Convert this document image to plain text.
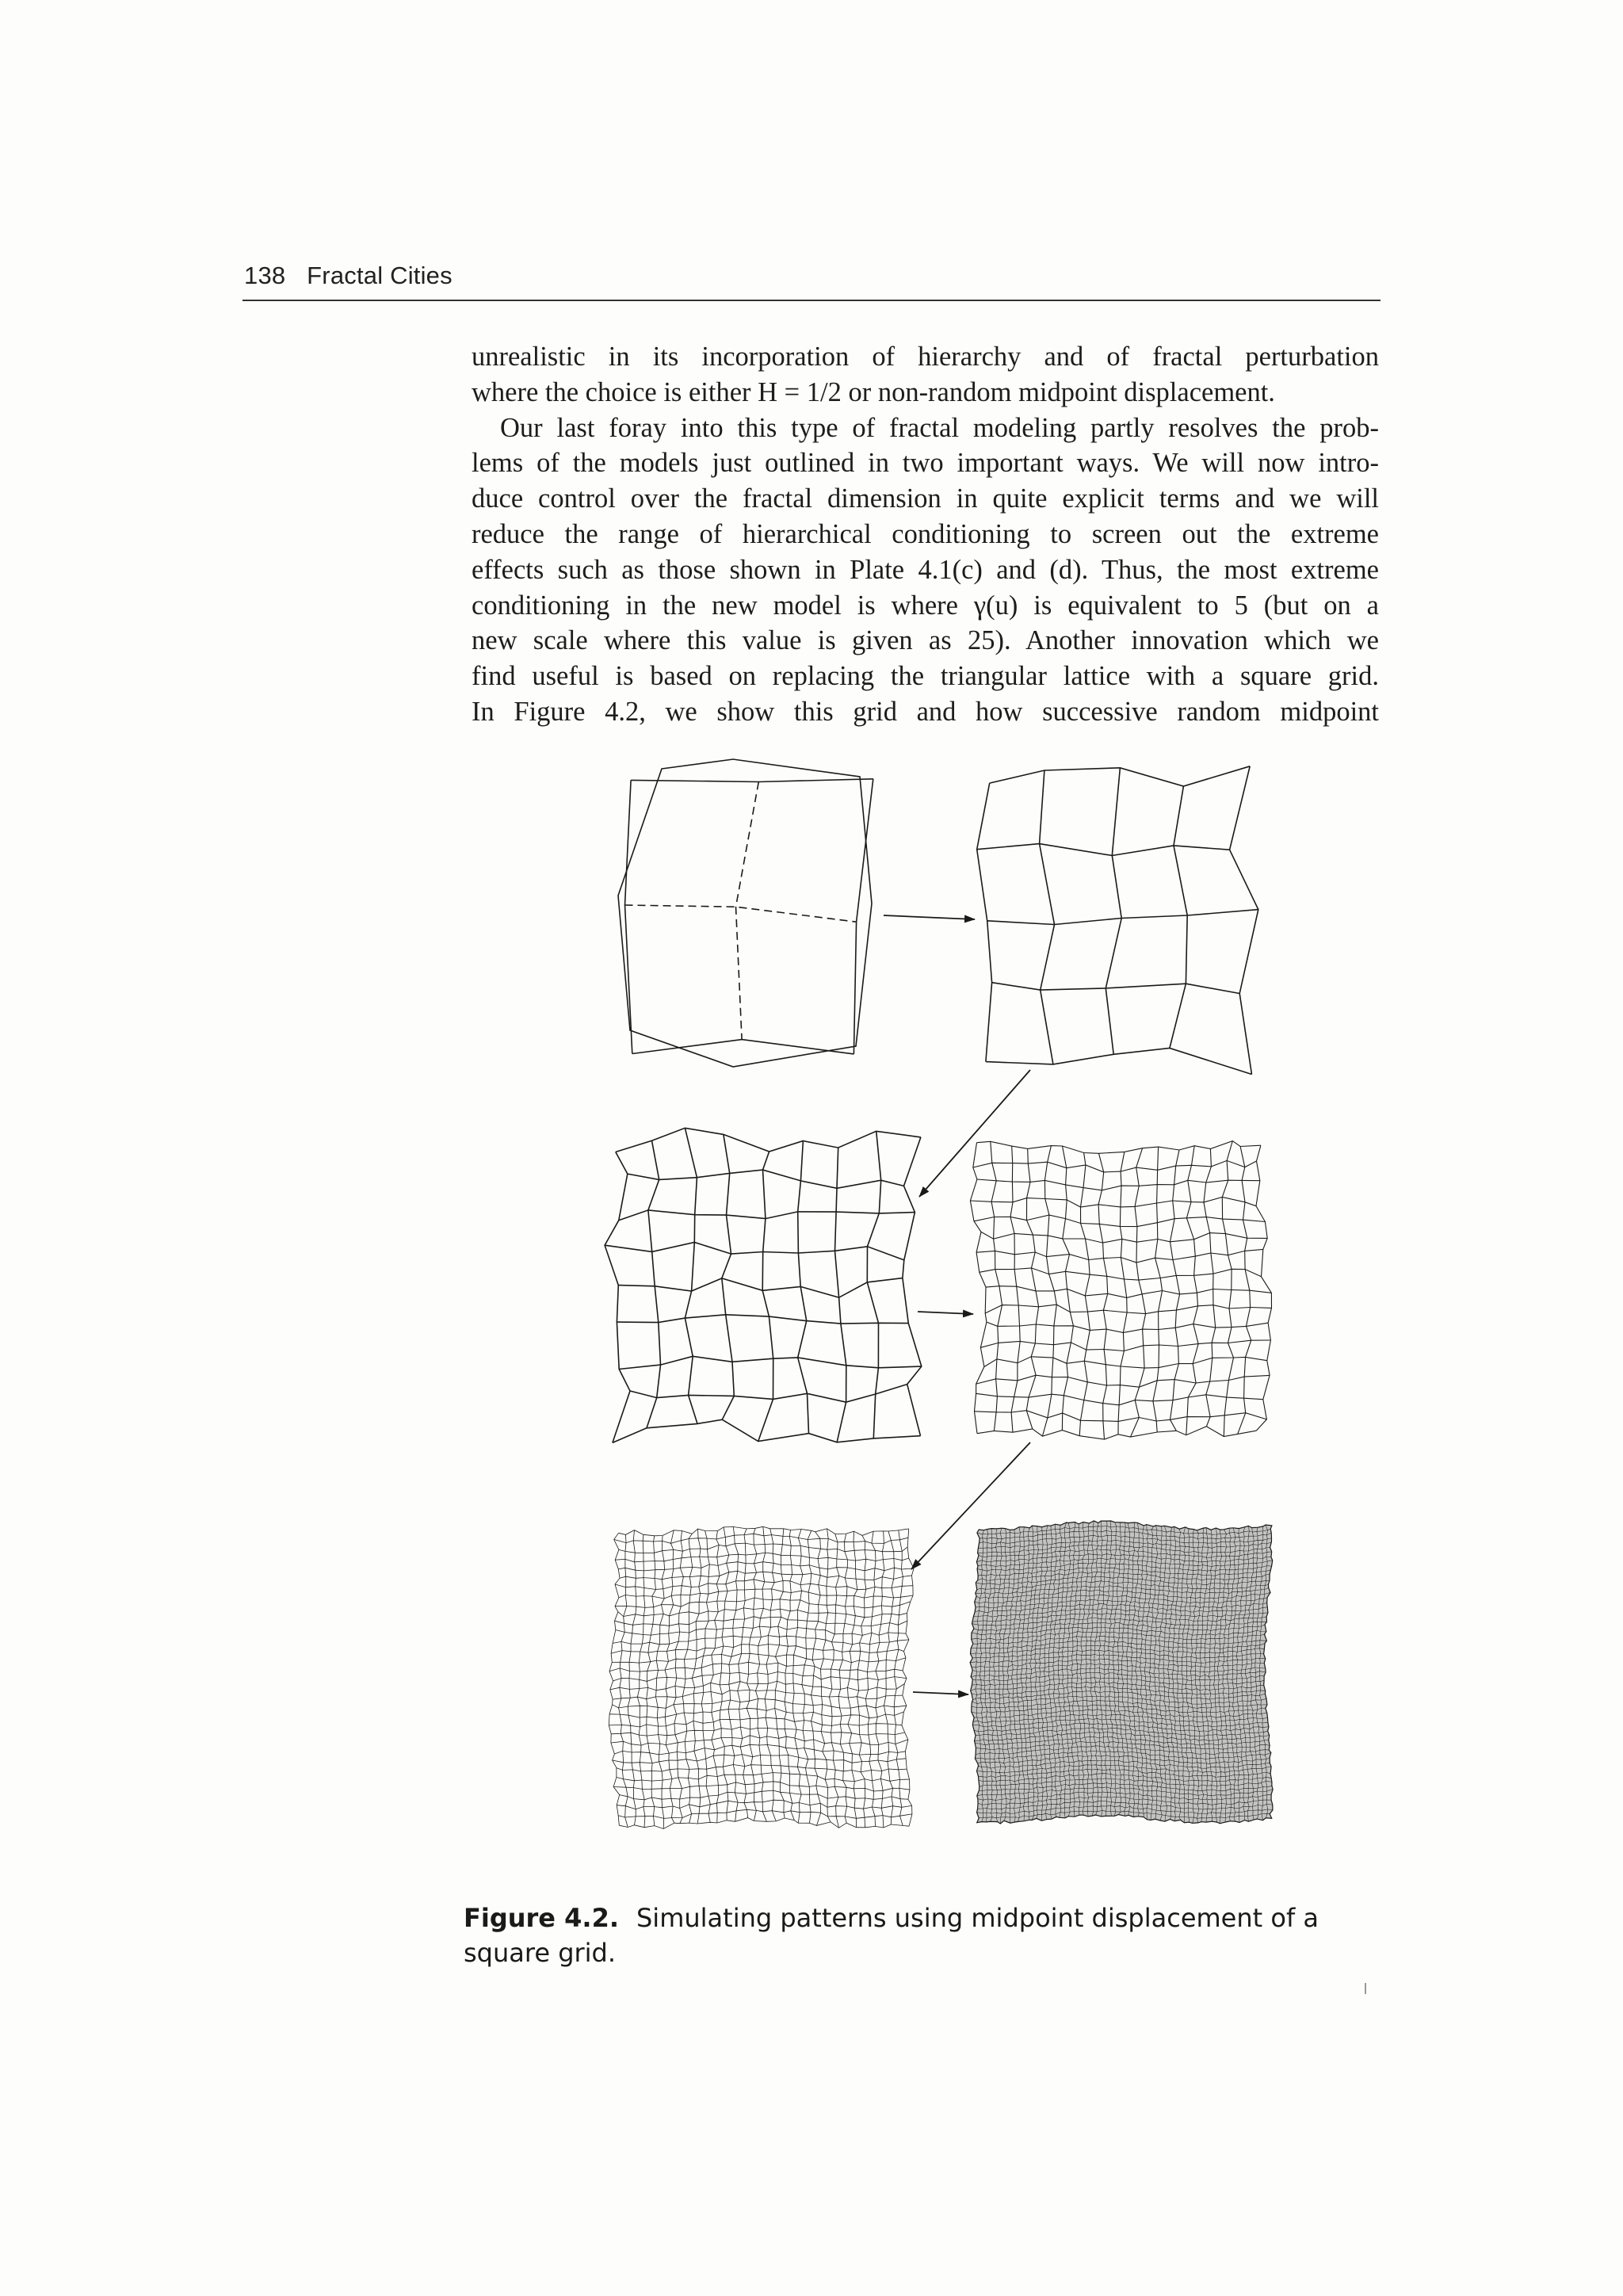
138 Fractal Cities
unrealistic in its incorporation of hierarchy and of fractal perturbation
where the choice is either H = 1/2 or non-random midpoint displacement.
Our last foray into this type of fractal modeling partly resolves the prob-
lems of the models just outlined in two important ways. We will now intro-
duce control over the fractal dimension in quite explicit terms and we will
reduce the range of hierarchical conditioning to screen out the extreme
effects such as those shown in Plate 4.1(c) and (d). Thus, the most extreme
conditioning in the new model is where γ(u) is equivalent to 5 (but on a
new scale where this value is given as 25). Another innovation which we
find useful is based on replacing the triangular lattice with a square grid.
In Figure 4.2, we show this grid and how successive random midpoint
Figure 4.2. Simulating patterns using midpoint displacement of a square grid.
